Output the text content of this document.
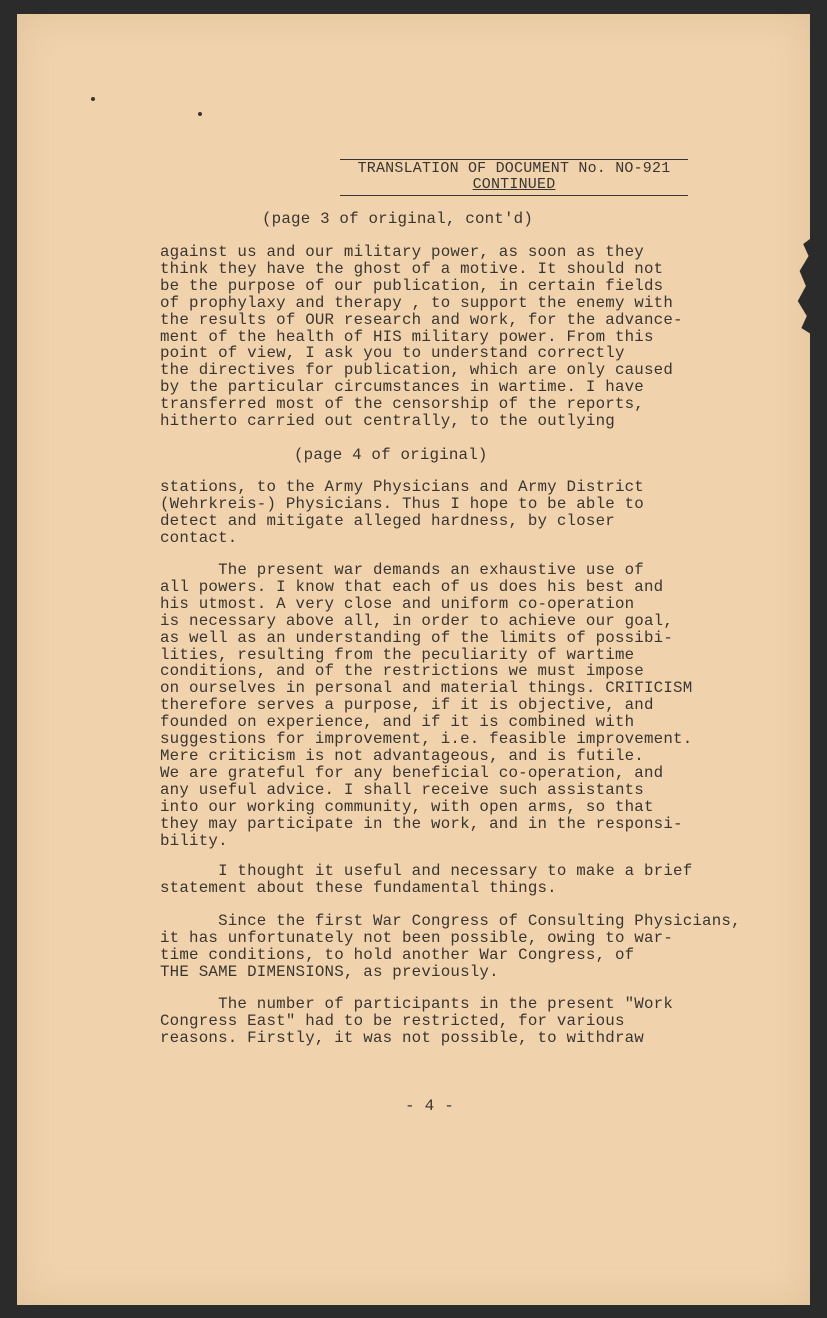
TRANSLATION OF DOCUMENT No. NO-921
CONTINUED
(page 3 of original, cont'd)
against us and our military power, as soon as they
think they have the ghost of a motive. It should not
be the purpose of our publication, in certain fields
of prophylaxy and therapy , to support the enemy with
the results of OUR research and work, for the advance-
ment of the health of HIS military power. From this
point of view, I ask you to understand correctly
the directives for publication, which are only caused
by the particular circumstances in wartime. I have
transferred most of the censorship of the reports,
hitherto carried out centrally, to the outlying
(page 4 of original)
stations, to the Army Physicians and Army District
(Wehrkreis-) Physicians. Thus I hope to be able to
detect and mitigate alleged hardness, by closer
contact.
The present war demands an exhaustive use of
all powers. I know that each of us does his best and
his utmost. A very close and uniform co-operation
is necessary above all, in order to achieve our goal,
as well as an understanding of the limits of possibi-
lities, resulting from the peculiarity of wartime
conditions, and of the restrictions we must impose
on ourselves in personal and material things. CRITICISM
therefore serves a purpose, if it is objective, and
founded on experience, and if it is combined with
suggestions for improvement, i.e. feasible improvement.
Mere criticism is not advantageous, and is futile.
We are grateful for any beneficial co-operation, and
any useful advice. I shall receive such assistants
into our working community, with open arms, so that
they may participate in the work, and in the responsi-
bility.
I thought it useful and necessary to make a brief
statement about these fundamental things.
Since the first War Congress of Consulting Physicians,
it has unfortunately not been possible, owing to war-
time conditions, to hold another War Congress, of
THE SAME DIMENSIONS, as previously.
The number of participants in the present "Work
Congress East" had to be restricted, for various
reasons. Firstly, it was not possible, to withdraw
- 4 -
